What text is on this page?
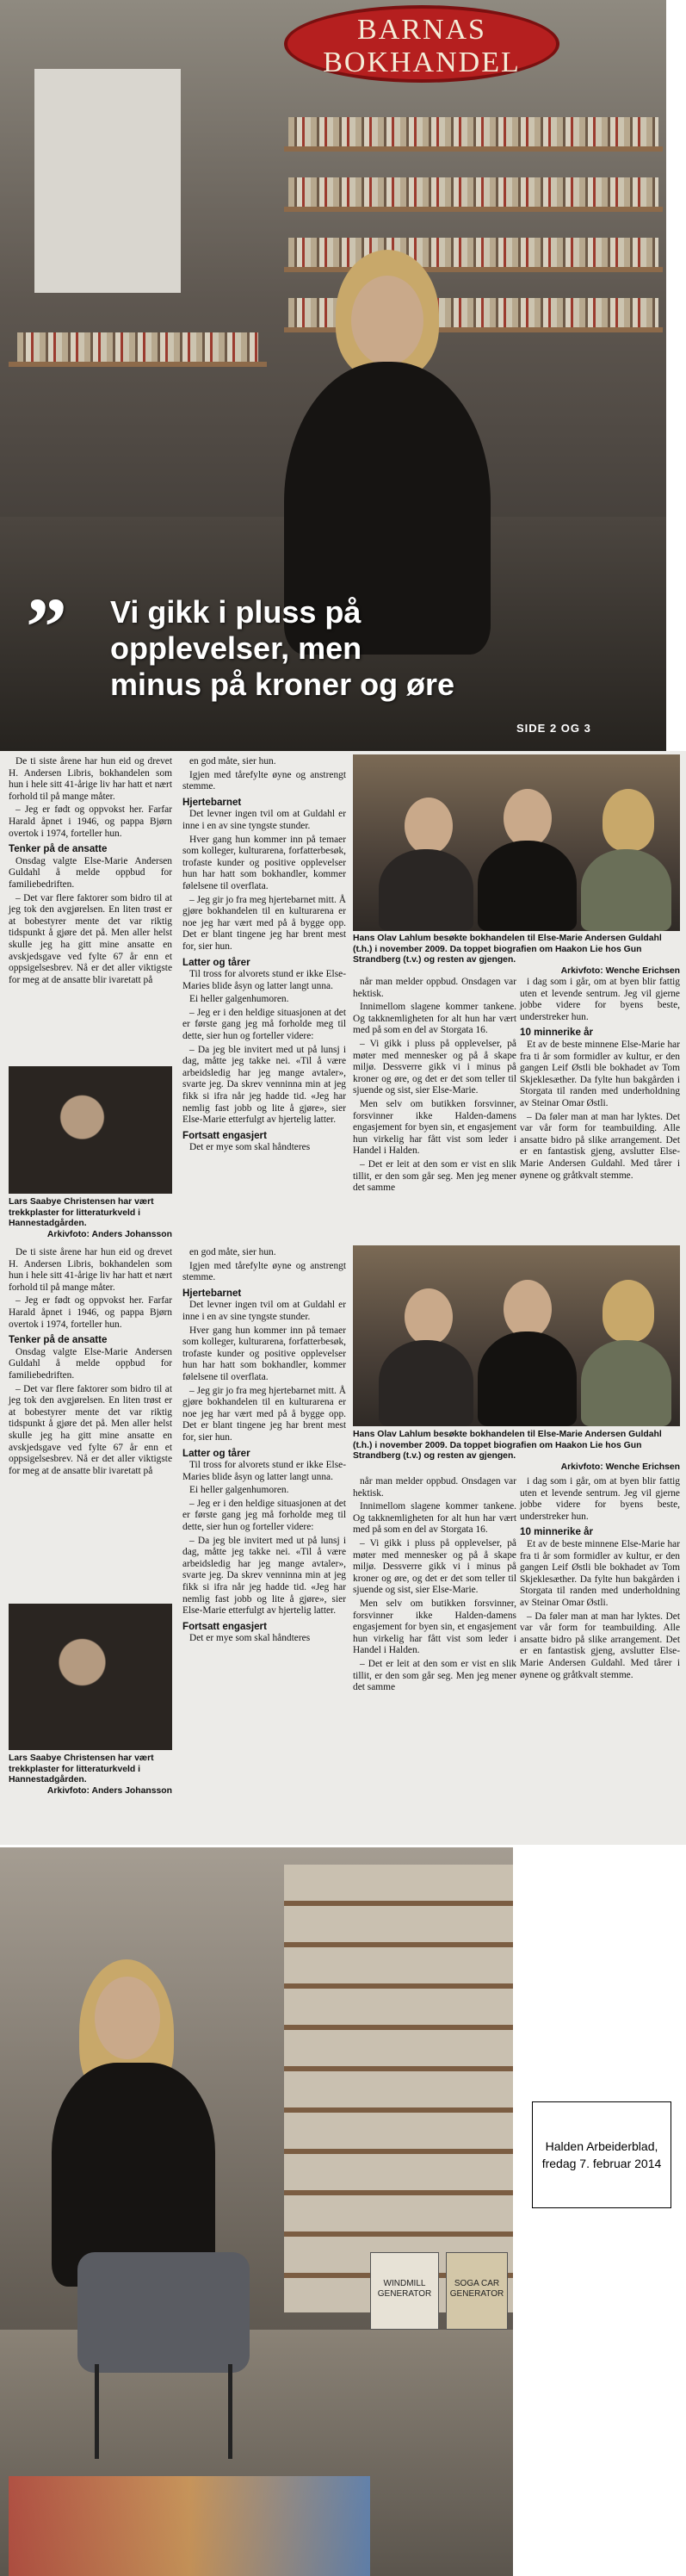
BARNAS
BOKHANDEL
” Vi gikk i pluss på
opplevelser, men
minus på kroner og øre
SIDE 2 OG 3

De ti siste årene har hun eid og drevet H. Andersen Libris, bokhandelen som hun i hele sitt 41-årige liv har hatt et nært forhold til på mange måter.

– Jeg er født og oppvokst her. Farfar Harald åpnet i 1946, og pappa Bjørn overtok i 1974, forteller hun.

Tenker på de ansatte

Onsdag valgte Else-Marie Andersen Guldahl å melde oppbud for familiebedriften.

– Det var flere faktorer som bidro til at jeg tok den avgjørelsen. En liten trøst er at bobestyrer mente det var riktig tidspunkt å gjøre det på. Men aller helst skulle jeg ha gitt mine ansatte en avskjedsgave ved fylte 67 år enn et oppsigelsesbrev. Nå er det aller viktigste for meg at de ansatte blir ivaretatt på

Lars Saabye Christensen har vært trekkplaster for litteraturkveld i Hannestadgården.
Arkivfoto: Anders Johansson

en god måte, sier hun.

Igjen med tårefylte øyne og anstrengt stemme.

Hjertebarnet

Det levner ingen tvil om at Guldahl er inne i en av sine tyngste stunder.

Hver gang hun kommer inn på temaer som kolleger, kulturarena, forfatterbesøk, trofaste kunder og positive opplevelser hun har hatt som bokhandler, kommer følelsene til overflata.

– Jeg gir jo fra meg hjertebarnet mitt. Å gjøre bokhandelen til en kulturarena er noe jeg har vært med på å bygge opp. Det er blant tingene jeg har brent mest for, sier hun.

Latter og tårer

Til tross for alvorets stund er ikke Else-Maries blide åsyn og latter langt unna.

Ei heller galgenhumoren.

– Jeg er i den heldige situasjonen at det er første gang jeg må forholde meg til dette, sier hun og forteller videre:

– Da jeg ble invitert med ut på lunsj i dag, måtte jeg takke nei. «Til å være arbeidsledig har jeg mange avtaler», svarte jeg. Da skrev venninna min at jeg fikk si ifra når jeg hadde tid. «Jeg har nemlig fast jobb og lite å gjøre», sier Else-Marie etterfulgt av hjertelig latter.

Fortsatt engasjert

Det er mye som skal håndteres

Hans Olav Lahlum besøkte bokhandelen til Else-Marie Andersen Guldahl (t.h.) i november 2009. Da toppet biografien om Haakon Lie hos Gun Strandberg (t.v.) og resten av gjengen.
Arkivfoto: Wenche Erichsen

når man melder oppbud. Onsdagen var hektisk.

Innimellom slagene kommer tankene. Og takknemligheten for alt hun har vært med på som en del av Storgata 16.

– Vi gikk i pluss på opplevelser, på møter med mennesker og på å skape miljø. Dessverre gikk vi i minus på kroner og øre, og det er det som teller til sjuende og sist, sier Else-Marie.

Men selv om butikken forsvinner, forsvinner ikke Halden-damens engasjement for byen sin, et engasjement hun virkelig har fått vist som leder i Handel i Halden.

– Det er leit at den som er vist en slik tillit, er den som går seg. Men jeg mener det samme

i dag som i går, om at byen blir fattig uten et levende sentrum. Jeg vil gjerne jobbe videre for byens beste, understreker hun.

10 minnerike år

Et av de beste minnene Else-Marie har fra ti år som formidler av kultur, er den gangen Leif Østli ble bokhadet av Tom Skjeklesæther. Da fylte hun bakgården i Storgata til randen med underholdning av Steinar Omar Østli.

– Da føler man at man har lyktes. Det var vår form for teambuilding. Alle ansatte bidro på slike arrangement. Det er en fantastisk gjeng, avslutter Else-Marie Andersen Guldahl. Med tårer i øynene og gråtkvalt stemme.

De ti siste årene har hun eid og drevet H. Andersen Libris, bokhandelen som hun i hele sitt 41-årige liv har hatt et nært forhold til på mange måter.

– Jeg er født og oppvokst her. Farfar Harald åpnet i 1946, og pappa Bjørn overtok i 1974, forteller hun.

Tenker på de ansatte

Onsdag valgte Else-Marie Andersen Guldahl å melde oppbud for familiebedriften.

– Det var flere faktorer som bidro til at jeg tok den avgjørelsen. En liten trøst er at bobestyrer mente det var riktig tidspunkt å gjøre det på. Men aller helst skulle jeg ha gitt mine ansatte en avskjedsgave ved fylte 67 år enn et oppsigelsesbrev. Nå er det aller viktigste for meg at de ansatte blir ivaretatt på

Lars Saabye Christensen har vært trekkplaster for litteraturkveld i Hannestadgården.
Arkivfoto: Anders Johansson

en god måte, sier hun.

Igjen med tårefylte øyne og anstrengt stemme.

Hjertebarnet

Det levner ingen tvil om at Guldahl er inne i en av sine tyngste stunder.

Hver gang hun kommer inn på temaer som kolleger, kulturarena, forfatterbesøk, trofaste kunder og positive opplevelser hun har hatt som bokhandler, kommer følelsene til overflata.

– Jeg gir jo fra meg hjertebarnet mitt. Å gjøre bokhandelen til en kulturarena er noe jeg har vært med på å bygge opp. Det er blant tingene jeg har brent mest for, sier hun.

Latter og tårer

Til tross for alvorets stund er ikke Else-Maries blide åsyn og latter langt unna.

Ei heller galgenhumoren.

– Jeg er i den heldige situasjonen at det er første gang jeg må forholde meg til dette, sier hun og forteller videre:

– Da jeg ble invitert med ut på lunsj i dag, måtte jeg takke nei. «Til å være arbeidsledig har jeg mange avtaler», svarte jeg. Da skrev venninna min at jeg fikk si ifra når jeg hadde tid. «Jeg har nemlig fast jobb og lite å gjøre», sier Else-Marie etterfulgt av hjertelig latter.

Fortsatt engasjert

Det er mye som skal håndteres

Hans Olav Lahlum besøkte bokhandelen til Else-Marie Andersen Guldahl (t.h.) i november 2009. Da toppet biografien om Haakon Lie hos Gun Strandberg (t.v.) og resten av gjengen.
Arkivfoto: Wenche Erichsen

når man melder oppbud. Onsdagen var hektisk.

Innimellom slagene kommer tankene. Og takknemligheten for alt hun har vært med på som en del av Storgata 16.

– Vi gikk i pluss på opplevelser, på møter med mennesker og på å skape miljø. Dessverre gikk vi i minus på kroner og øre, og det er det som teller til sjuende og sist, sier Else-Marie.

Men selv om butikken forsvinner, forsvinner ikke Halden-damens engasjement for byen sin, et engasjement hun virkelig har fått vist som leder i Handel i Halden.

– Det er leit at den som er vist en slik tillit, er den som går seg. Men jeg mener det samme

i dag som i går, om at byen blir fattig uten et levende sentrum. Jeg vil gjerne jobbe videre for byens beste, understreker hun.

10 minnerike år

Et av de beste minnene Else-Marie har fra ti år som formidler av kultur, er den gangen Leif Østli ble bokhadet av Tom Skjeklesæther. Da fylte hun bakgården i Storgata til randen med underholdning av Steinar Omar Østli.

– Da føler man at man har lyktes. Det var vår form for teambuilding. Alle ansatte bidro på slike arrangement. Det er en fantastisk gjeng, avslutter Else-Marie Andersen Guldahl. Med tårer i øynene og gråtkvalt stemme.

WINDMILL GENERATOR
SOGA CAR GENERATOR
Halden Arbeiderblad,
fredag 7. februar 2014
